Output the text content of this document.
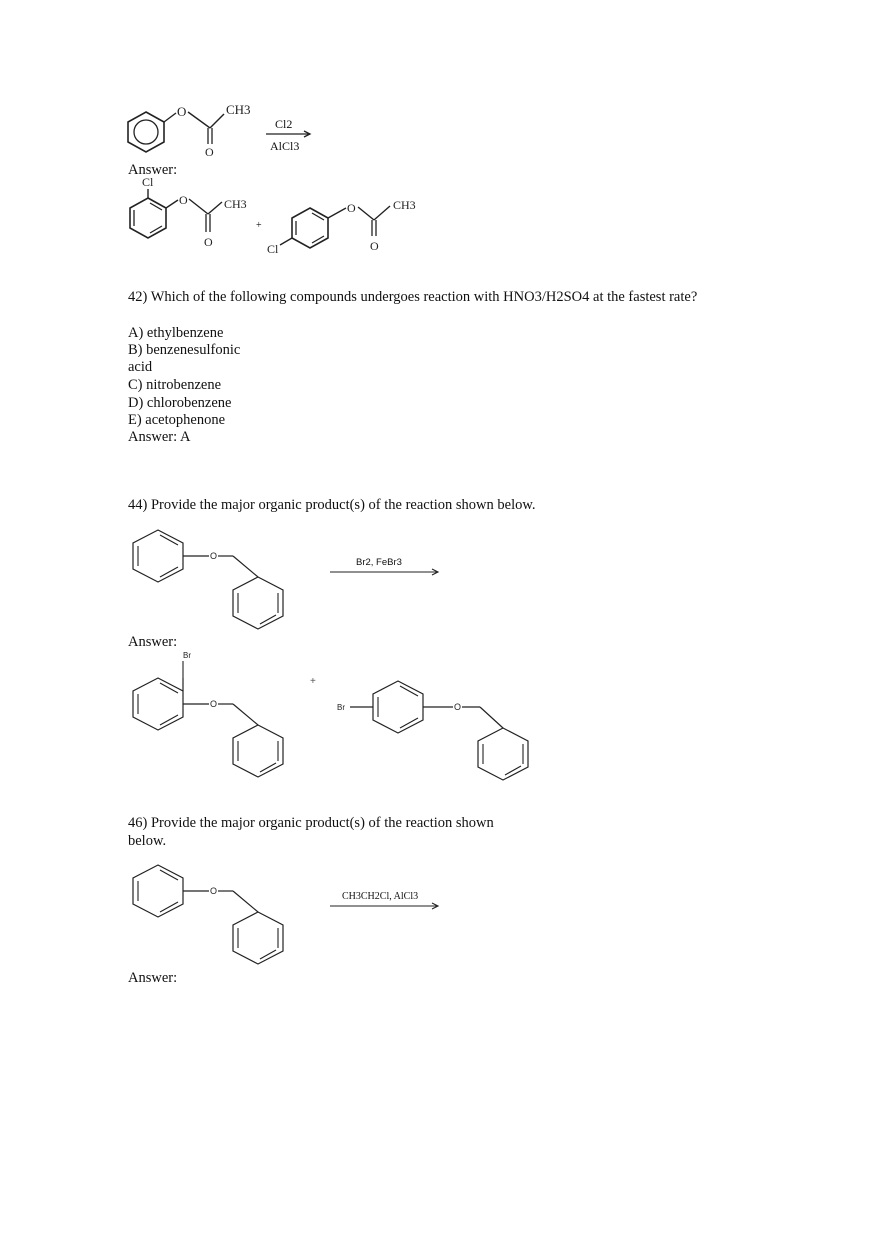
O	CH3
O
Cl2
AlCl3
Answer:
Cl
O	CH3
O
+
Cl
O	CH3
O
42) Which of the following compounds undergoes reaction with HNO3/H2SO4 at the fastest rate?
A) ethylbenzene
B) benzenesulfonic
acid
C) nitrobenzene
D) chlorobenzene
E) acetophenone
Answer: A
44) Provide the major organic product(s) of the reaction shown below.
O
Br2, FeBr3
Answer:
Br
O
+
Br	O
46) Provide the major organic product(s) of the reaction shown
below.
O	CH3CH2Cl, AlCl3
Answer:
